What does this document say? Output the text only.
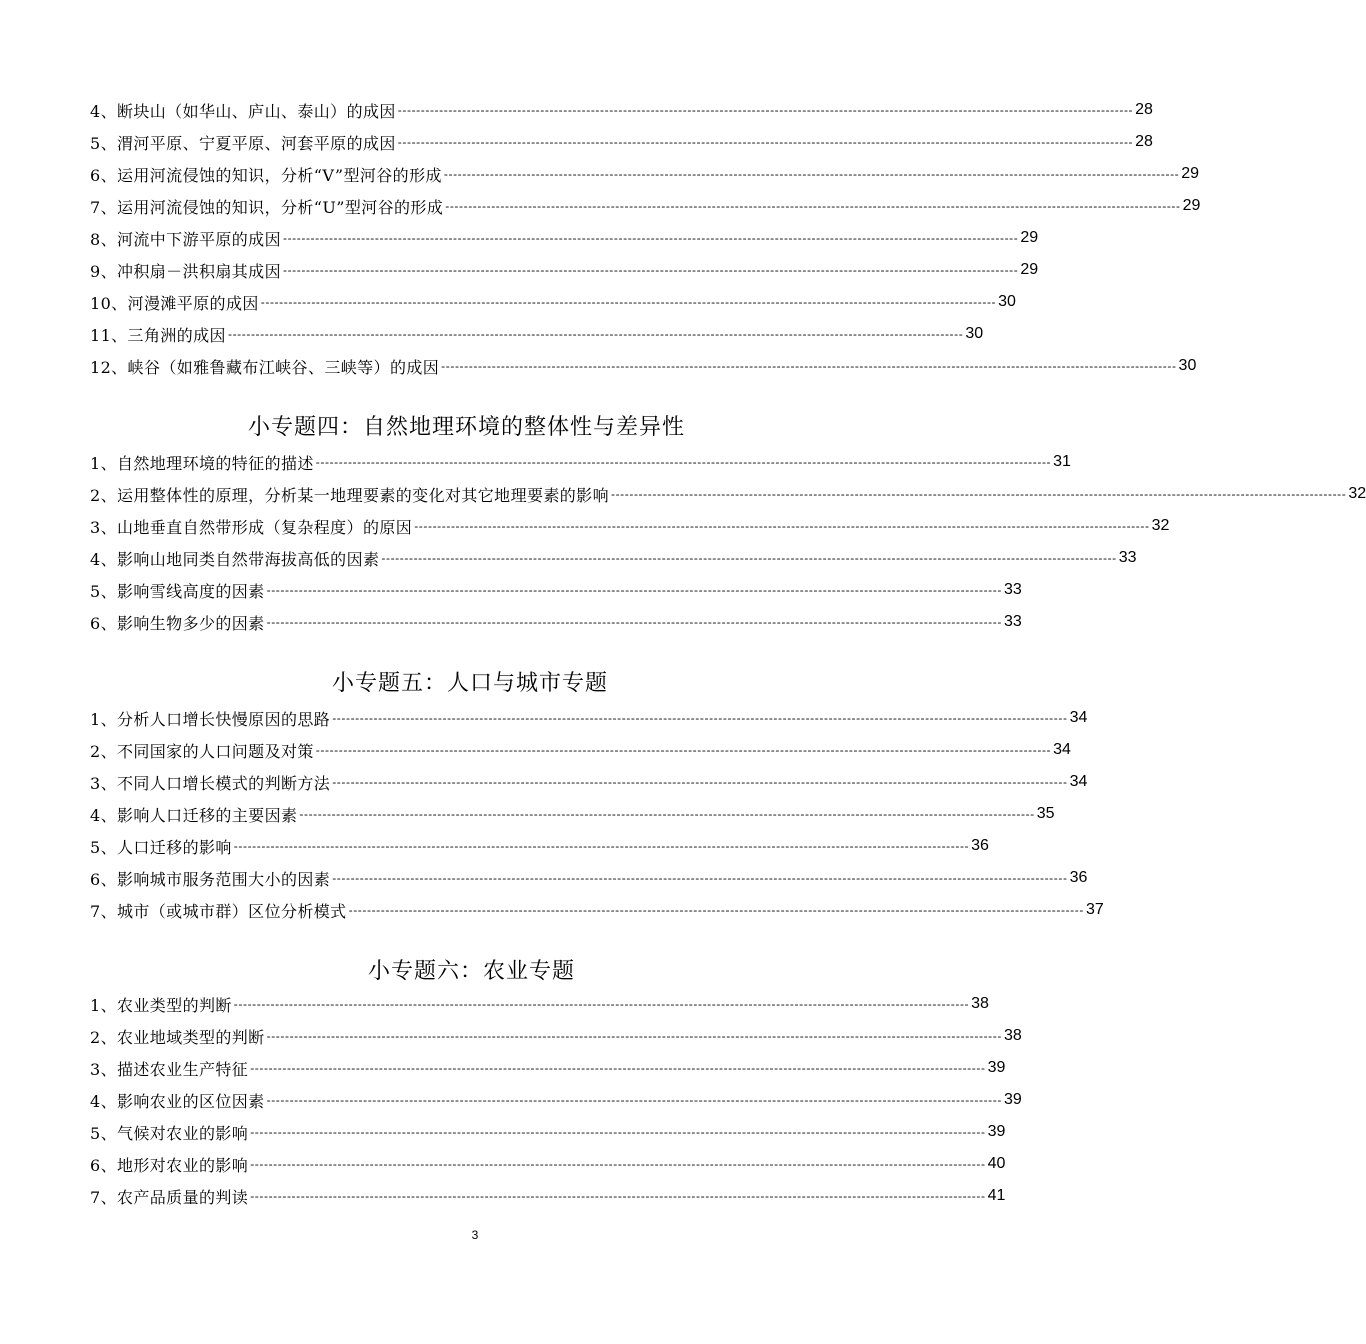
4、断块山（如华山、庐山、泰山）的成因 ---------------------------------------------------------------------------------------------------------------------------------------------------------------- 28
5、渭河平原、宁夏平原、河套平原的成因 ---------------------------------------------------------------------------------------------------------------------------------------------------------------- 28
6、运用河流侵蚀的知识，分析“V”型河谷的形成 ---------------------------------------------------------------------------------------------------------------------------------------------------------------- 29
7、运用河流侵蚀的知识，分析“U”型河谷的形成 ---------------------------------------------------------------------------------------------------------------------------------------------------------------- 29
8、河流中下游平原的成因 ---------------------------------------------------------------------------------------------------------------------------------------------------------------- 29
9、冲积扇－洪积扇其成因 ---------------------------------------------------------------------------------------------------------------------------------------------------------------- 29
10、河漫滩平原的成因 ---------------------------------------------------------------------------------------------------------------------------------------------------------------- 30
11、三角洲的成因 ---------------------------------------------------------------------------------------------------------------------------------------------------------------- 30
12、峡谷（如雅鲁藏布江峡谷、三峡等）的成因 ---------------------------------------------------------------------------------------------------------------------------------------------------------------- 30
小专题四：自然地理环境的整体性与差异性
1、自然地理环境的特征的描述 ---------------------------------------------------------------------------------------------------------------------------------------------------------------- 31
2、运用整体性的原理，分析某一地理要素的变化对其它地理要素的影响 ---------------------------------------------------------------------------------------------------------------------------------------------------------------- 32
3、山地垂直自然带形成（复杂程度）的原因 ---------------------------------------------------------------------------------------------------------------------------------------------------------------- 32
4、影响山地同类自然带海拔高低的因素 ---------------------------------------------------------------------------------------------------------------------------------------------------------------- 33
5、影响雪线高度的因素 ---------------------------------------------------------------------------------------------------------------------------------------------------------------- 33
6、影响生物多少的因素 ---------------------------------------------------------------------------------------------------------------------------------------------------------------- 33
小专题五：人口与城市专题
1、分析人口增长快慢原因的思路 ---------------------------------------------------------------------------------------------------------------------------------------------------------------- 34
2、不同国家的人口问题及对策 ---------------------------------------------------------------------------------------------------------------------------------------------------------------- 34
3、不同人口增长模式的判断方法 ---------------------------------------------------------------------------------------------------------------------------------------------------------------- 34
4、影响人口迁移的主要因素 ---------------------------------------------------------------------------------------------------------------------------------------------------------------- 35
5、人口迁移的影响 ---------------------------------------------------------------------------------------------------------------------------------------------------------------- 36
6、影响城市服务范围大小的因素 ---------------------------------------------------------------------------------------------------------------------------------------------------------------- 36
7、城市（或城市群）区位分析模式 ---------------------------------------------------------------------------------------------------------------------------------------------------------------- 37
小专题六：农业专题
1、农业类型的判断 ---------------------------------------------------------------------------------------------------------------------------------------------------------------- 38
2、农业地域类型的判断 ---------------------------------------------------------------------------------------------------------------------------------------------------------------- 38
3、描述农业生产特征 ---------------------------------------------------------------------------------------------------------------------------------------------------------------- 39
4、影响农业的区位因素 ---------------------------------------------------------------------------------------------------------------------------------------------------------------- 39
5、气候对农业的影响 ---------------------------------------------------------------------------------------------------------------------------------------------------------------- 39
6、地形对农业的影响 ---------------------------------------------------------------------------------------------------------------------------------------------------------------- 40
7、农产品质量的判读 ---------------------------------------------------------------------------------------------------------------------------------------------------------------- 41
3
